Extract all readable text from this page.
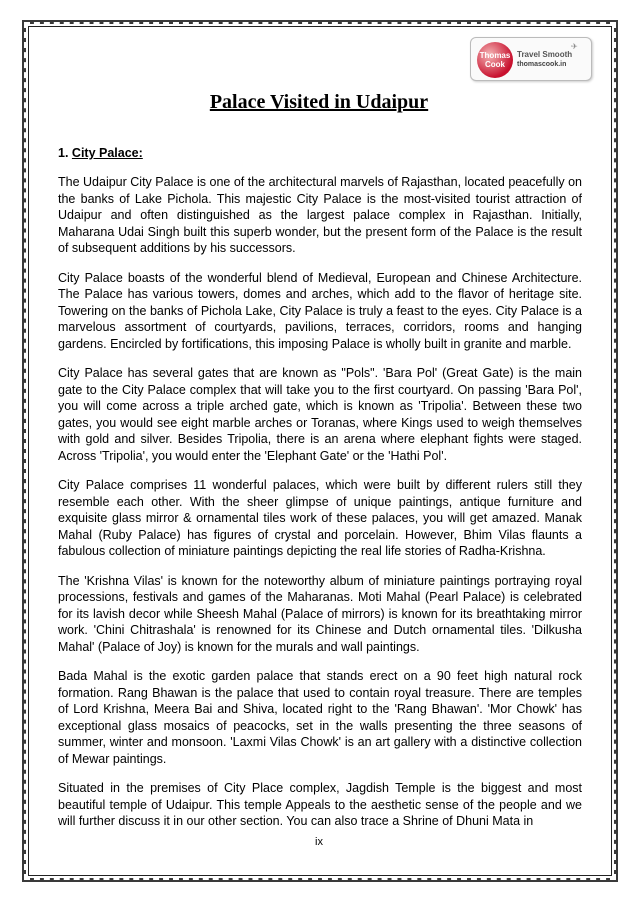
Thomas
Cook
✈
Travel Smooth
thomascook.in
Palace Visited in Udaipur
1. City Palace:

The Udaipur City Palace is one of the architectural marvels of Rajasthan, located peacefully on the banks of Lake Pichola. This majestic City Palace is the most-visited tourist attraction of Udaipur and often distinguished as the largest palace complex in Rajasthan. Initially, Maharana Udai Singh built this superb wonder, but the present form of the Palace is the result of subsequent additions by his successors.

City Palace boasts of the wonderful blend of Medieval, European and Chinese Architecture. The Palace has various towers, domes and arches, which add to the flavor of heritage site. Towering on the banks of Pichola Lake, City Palace is truly a feast to the eyes. City Palace is a marvelous assortment of courtyards, pavilions, terraces, corridors, rooms and hanging gardens. Encircled by fortifications, this imposing Palace is wholly built in granite and marble.

City Palace has several gates that are known as "Pols". 'Bara Pol' (Great Gate) is the main gate to the City Palace complex that will take you to the first courtyard. On passing 'Bara Pol', you will come across a triple arched gate, which is known as 'Tripolia'. Between these two gates, you would see eight marble arches or Toranas, where Kings used to weigh themselves with gold and silver. Besides Tripolia, there is an arena where elephant fights were staged. Across 'Tripolia', you would enter the 'Elephant Gate' or the 'Hathi Pol'.

City Palace comprises 11 wonderful palaces, which were built by different rulers still they resemble each other. With the sheer glimpse of unique paintings, antique furniture and exquisite glass mirror & ornamental tiles work of these palaces, you will get amazed. Manak Mahal (Ruby Palace) has figures of crystal and porcelain. However, Bhim Vilas flaunts a fabulous collection of miniature paintings depicting the real life stories of Radha-Krishna.

The 'Krishna Vilas' is known for the noteworthy album of miniature paintings portraying royal processions, festivals and games of the Maharanas. Moti Mahal (Pearl Palace) is celebrated for its lavish decor while Sheesh Mahal (Palace of mirrors) is known for its breathtaking mirror work. 'Chini Chitrashala' is renowned for its Chinese and Dutch ornamental tiles. 'Dilkusha Mahal' (Palace of Joy) is known for the murals and wall paintings.

Bada Mahal is the exotic garden palace that stands erect on a 90 feet high natural rock formation. Rang Bhawan is the palace that used to contain royal treasure. There are temples of Lord Krishna, Meera Bai and Shiva, located right to the 'Rang Bhawan'. 'Mor Chowk' has exceptional glass mosaics of peacocks, set in the walls presenting the three seasons of summer, winter and monsoon. 'Laxmi Vilas Chowk' is an art gallery with a distinctive collection of Mewar paintings.

Situated in the premises of City Place complex, Jagdish Temple is the biggest and most beautiful temple of Udaipur. This temple Appeals to the aesthetic sense of the people and we will further discuss it in our other section. You can also trace a Shrine of Dhuni Mata in

ix
